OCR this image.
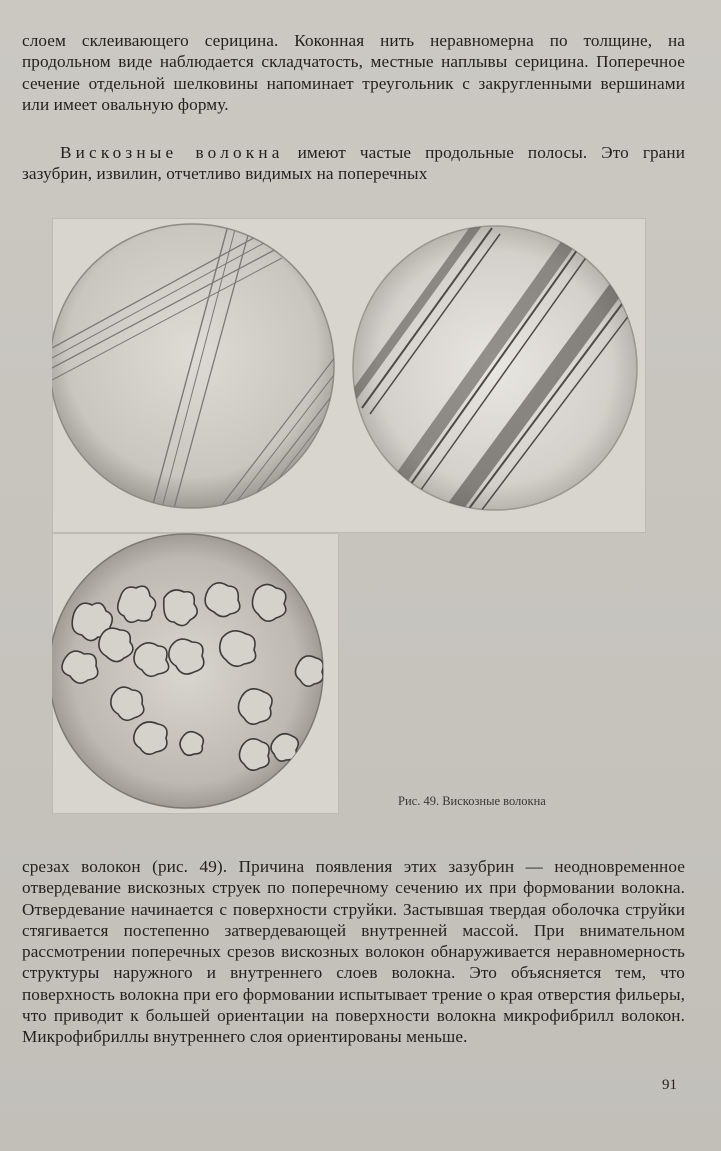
слоем склеивающего серицина. Коконная нить неравномерна по толщине, на продольном виде наблюдается складчатость, местные наплывы серицина. Поперечное сечение отдельной шелковины напоминает треугольник с закругленными вершинами или имеет овальную форму.

Вискозные волокна имеют частые продольные полосы. Это грани зазубрин, извилин, отчетливо видимых на поперечных

Рис. 49. Вискозные волокна

срезах волокон (рис. 49). Причина появления этих зазубрин — неодновременное отвердевание вискозных струек по поперечному сечению их при формовании волокна. Отвердевание начинается с поверхности струйки. Застывшая твердая оболочка струйки стягивается постепенно затвердевающей внутренней массой. При внимательном рассмотрении поперечных срезов вискозных волокон обнаруживается неравномерность структуры наружного и внутреннего слоев волокна. Это объясняется тем, что поверхность волокна при его формовании испытывает трение о края отверстия фильеры, что приводит к большей ориентации на поверхности волокна микрофибрилл волокон. Микрофибриллы внутреннего слоя ориентированы меньше.

91
